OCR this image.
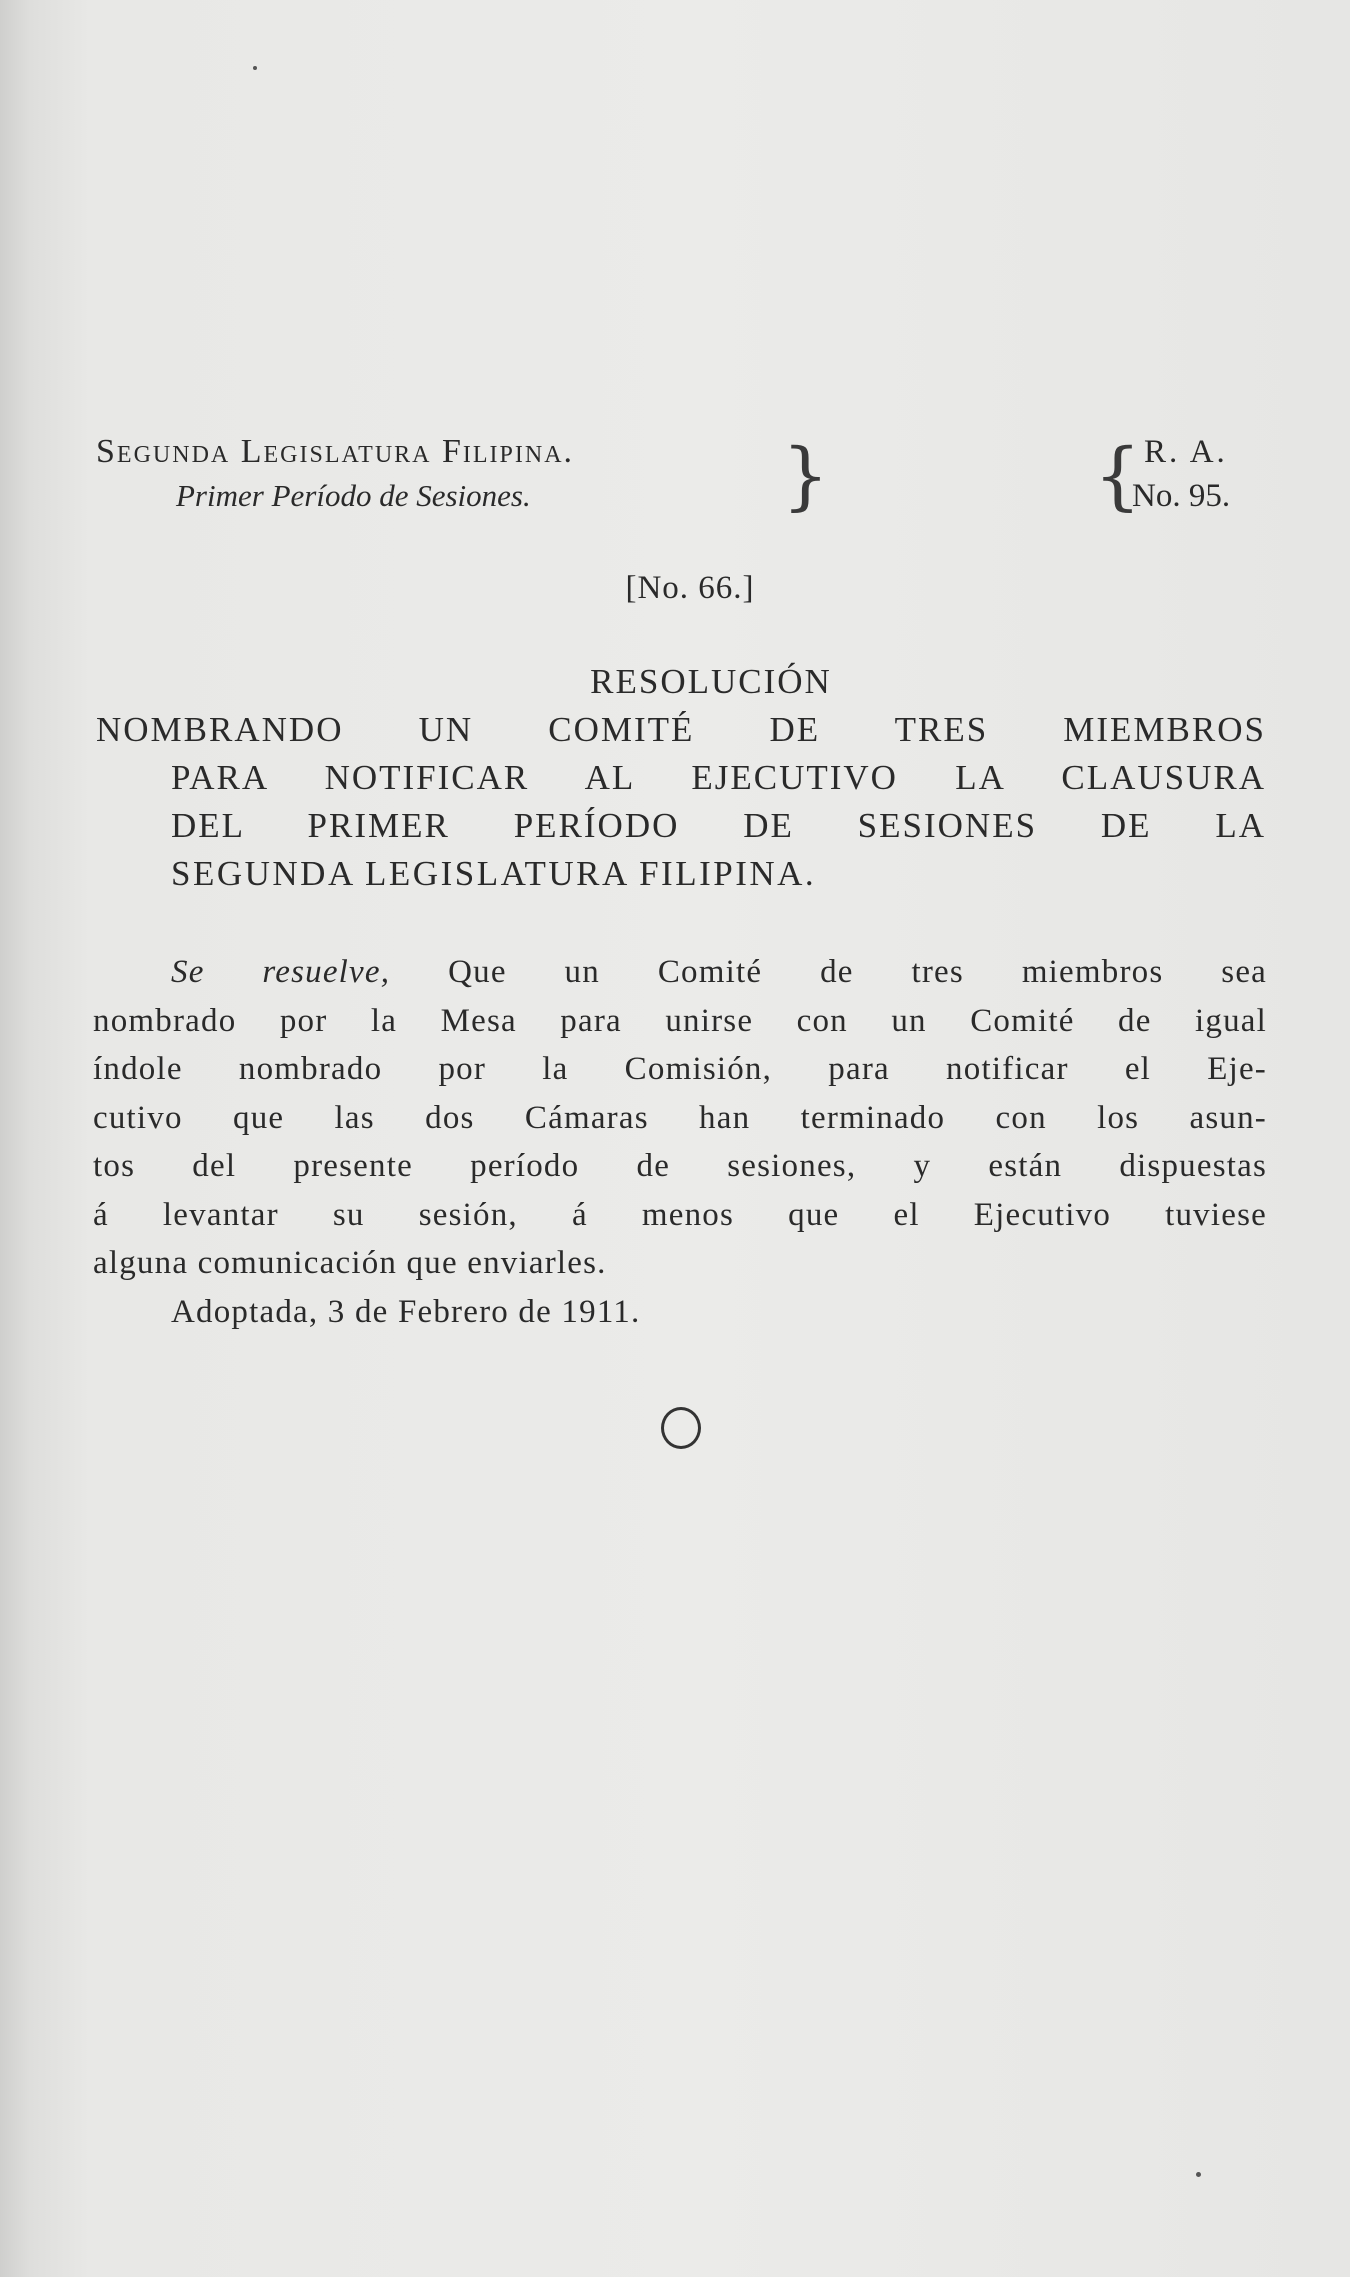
Segunda Legislatura Filipina.
Primer Período de Sesiones.	}	{ R. A.
No. 95.
[No. 66.]
RESOLUCIÓN
NOMBRANDO UN COMITÉ DE TRES MIEMBROS
PARA NOTIFICAR AL EJECUTIVO LA CLAUSURA
DEL PRIMER PERÍODO DE SESIONES DE LA
SEGUNDA LEGISLATURA FILIPINA.
Se resuelve, Que un Comité de tres miembros sea
nombrado por la Mesa para unirse con un Comité de igual
índole nombrado por la Comisión, para notificar el Eje-
cutivo que las dos Cámaras han terminado con los asun-
tos del presente período de sesiones, y están dispuestas
á levantar su sesión, á menos que el Ejecutivo tuviese
alguna comunicación que enviarles.
Adoptada, 3 de Febrero de 1911.
